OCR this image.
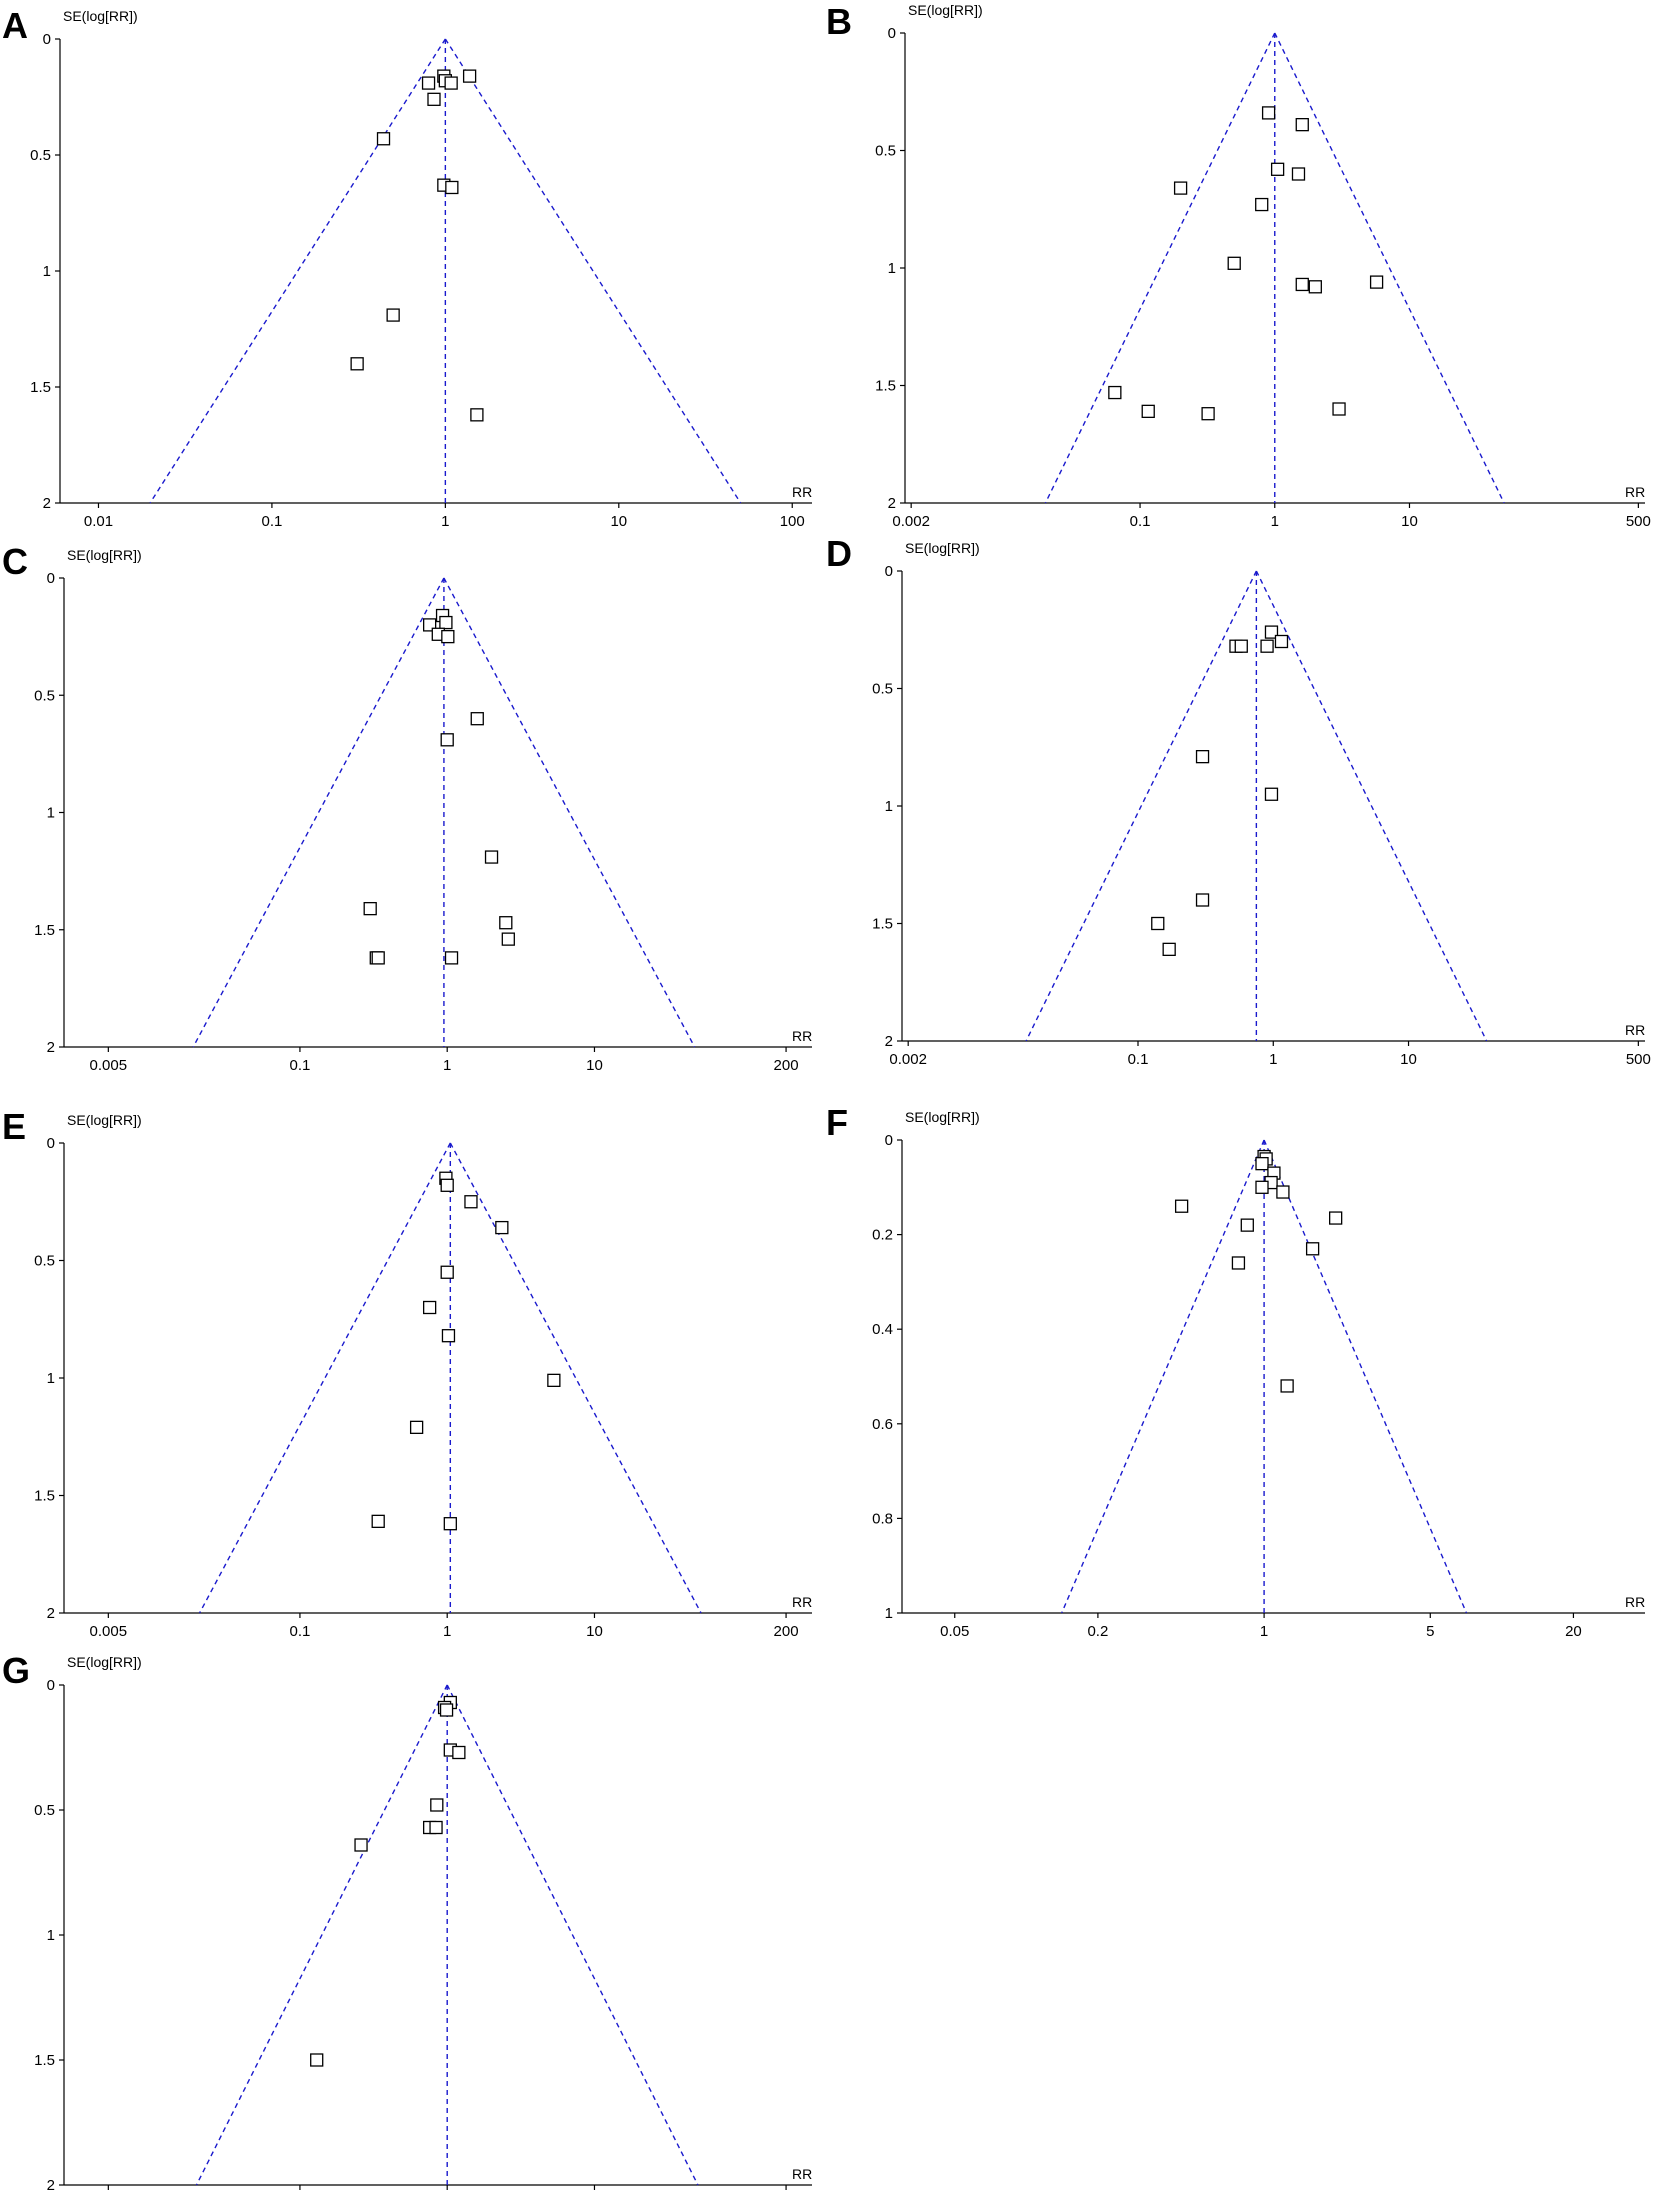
A 0
0.5
1
1.5
2
0.01	0.1	1	10	100
SE(log[RR])
RR
B 0
0.5
1
1.5
2
0.002	0.1	1	10	500
SE(log[RR])
RR
C 0
0.5
1
1.5
2
0.005	0.1	1	10	200
SE(log[RR])
RR
D 0
0.5
1
1.5
2
0.002	0.1	1	10	500
SE(log[RR])
RR
E 0
0.5
1
1.5
2
0.005	0.1	1	10	200
SE(log[RR])
RR
F 0
0.2
0.4
0.6
0.8
1
0.05	0.2	1	5	20
SE(log[RR])
RR
G 0
0.5
1
1.5
2
SE(log[RR])
RR
